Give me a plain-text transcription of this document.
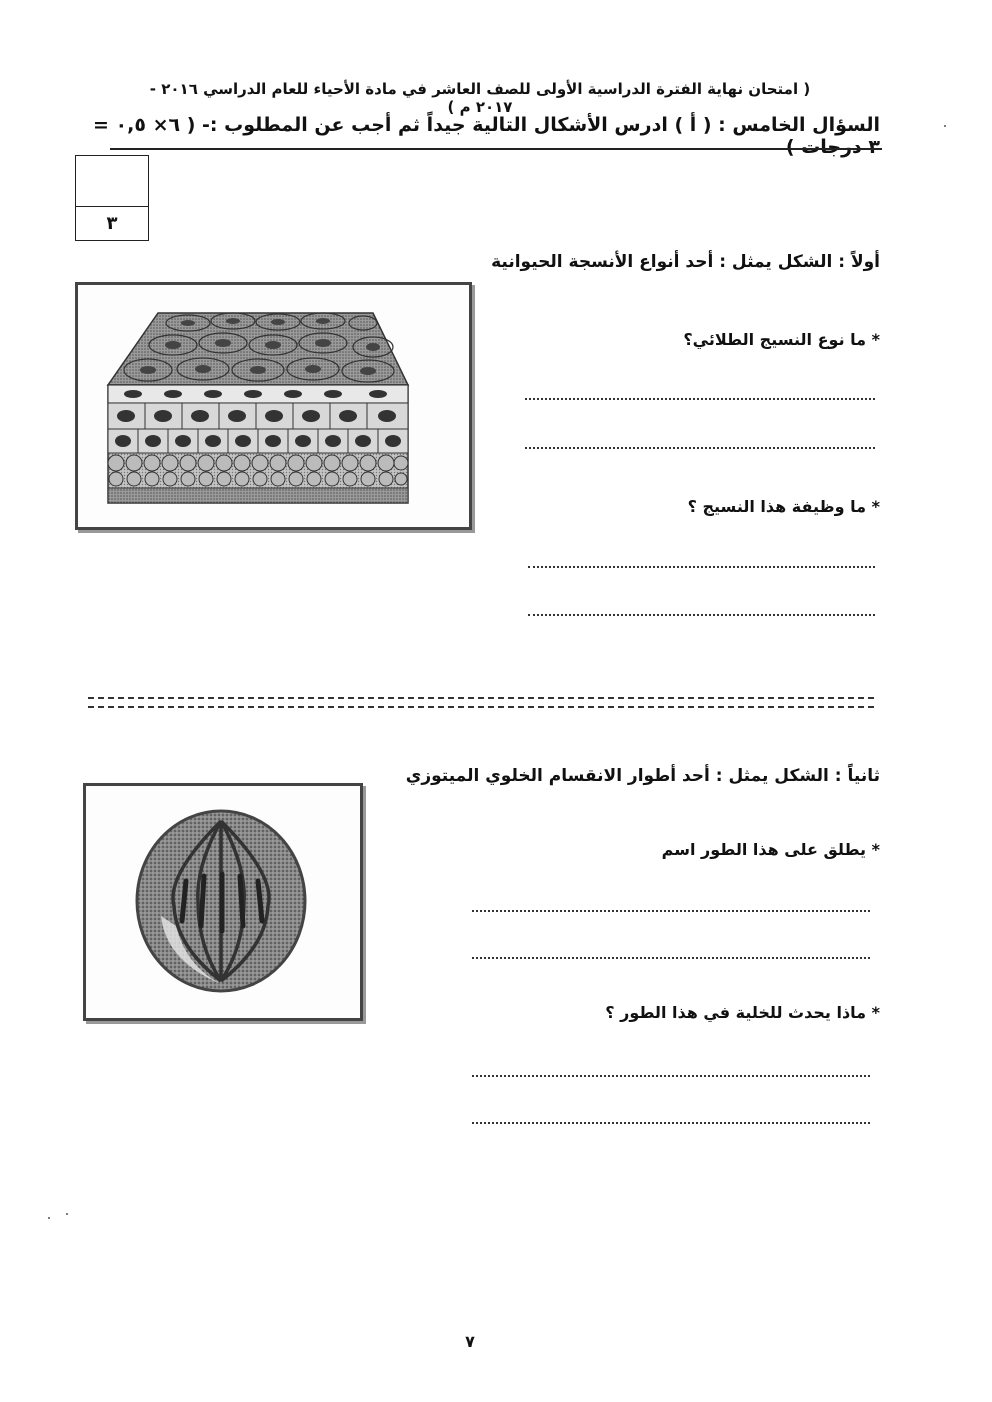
( امتحان نهاية الفترة الدراسية الأولى للصف العاشر في مادة الأحياء للعام الدراسي ٢٠١٦ - ٢٠١٧ م )
السؤال الخامس : ( أ ) ادرس الأشكال التالية جيداً ثم أجب عن المطلوب :- ( ٦× ٠,٥ = ٣ درجات )
٣
أولاً : الشكل يمثل : أحد أنواع الأنسجة الحيوانية
* ما نوع النسيج الطلائي؟
* ما وظيفة هذا النسيج ؟
ثانياً : الشكل يمثل : أحد أطوار الانقسام الخلوي الميتوزي
* يطلق على هذا الطور اسم
* ماذا يحدث للخلية في هذا الطور ؟
٧
